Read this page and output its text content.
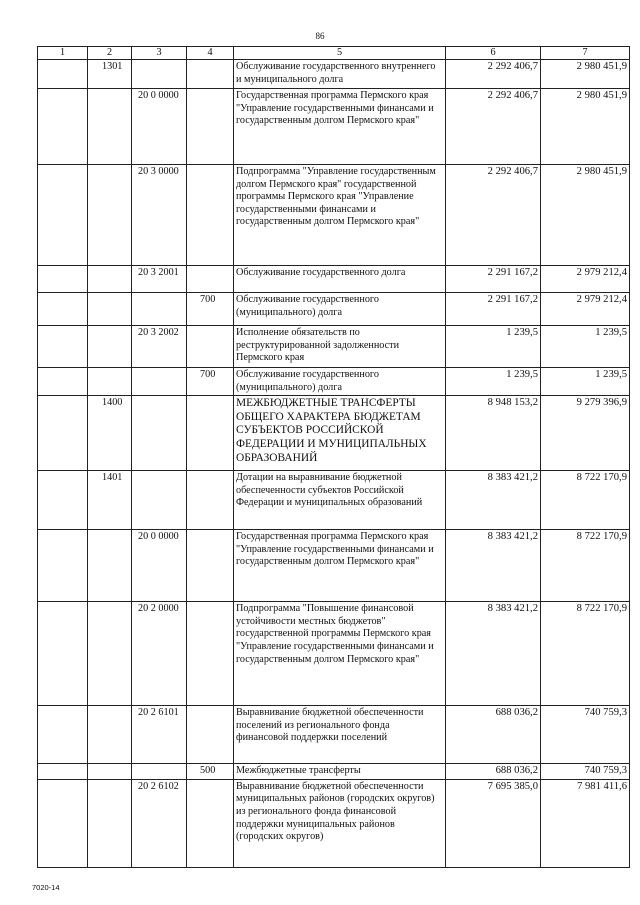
86
1	2	3	4	5	6	7
	1301			Обслуживание государственного внутреннего и муниципального долга	2 292 406,7	2 980 451,9
		20 0 0000		Государственная программа Пермского края "Управление государственными финансами и государственным долгом Пермского края"	2 292 406,7	2 980 451,9
		20 3 0000		Подпрограмма "Управление государственным долгом Пермского края" государственной программы Пермского края "Управление государственными финансами и государственным долгом Пермского края"	2 292 406,7	2 980 451,9
		20 3 2001		Обслуживание государственного долга	2 291 167,2	2 979 212,4
			700	Обслуживание государственного (муниципального) долга	2 291 167,2	2 979 212,4
		20 3 2002		Исполнение обязательств по реструктурированной задолженности Пермского края	1 239,5	1 239,5
			700	Обслуживание государственного (муниципального) долга	1 239,5	1 239,5
	1400			МЕЖБЮДЖЕТНЫЕ ТРАНСФЕРТЫ ОБЩЕГО ХАРАКТЕРА БЮДЖЕТАМ СУБЪЕКТОВ РОССИЙСКОЙ ФЕДЕРАЦИИ И МУНИЦИПАЛЬНЫХ ОБРАЗОВАНИЙ	8 948 153,2	9 279 396,9
	1401			Дотации на выравнивание бюджетной обеспеченности субъектов Российской Федерации и муниципальных образований	8 383 421,2	8 722 170,9
		20 0 0000		Государственная программа Пермского края "Управление государственными финансами и государственным долгом Пермского края"	8 383 421,2	8 722 170,9
		20 2 0000		Подпрограмма "Повышение финансовой устойчивости местных бюджетов" государственной программы Пермского края "Управление государственными финансами и государственным долгом Пермского края"	8 383 421,2	8 722 170,9
		20 2 6101		Выравнивание бюджетной обеспеченности поселений из регионального фонда финансовой поддержки поселений	688 036,2	740 759,3
			500	Межбюджетные трансферты	688 036,2	740 759,3
		20 2 6102		Выравнивание бюджетной обеспеченности муниципальных районов (городских округов) из регионального фонда финансовой поддержки муниципальных районов (городских округов)	7 695 385,0	7 981 411,6
7020-14
